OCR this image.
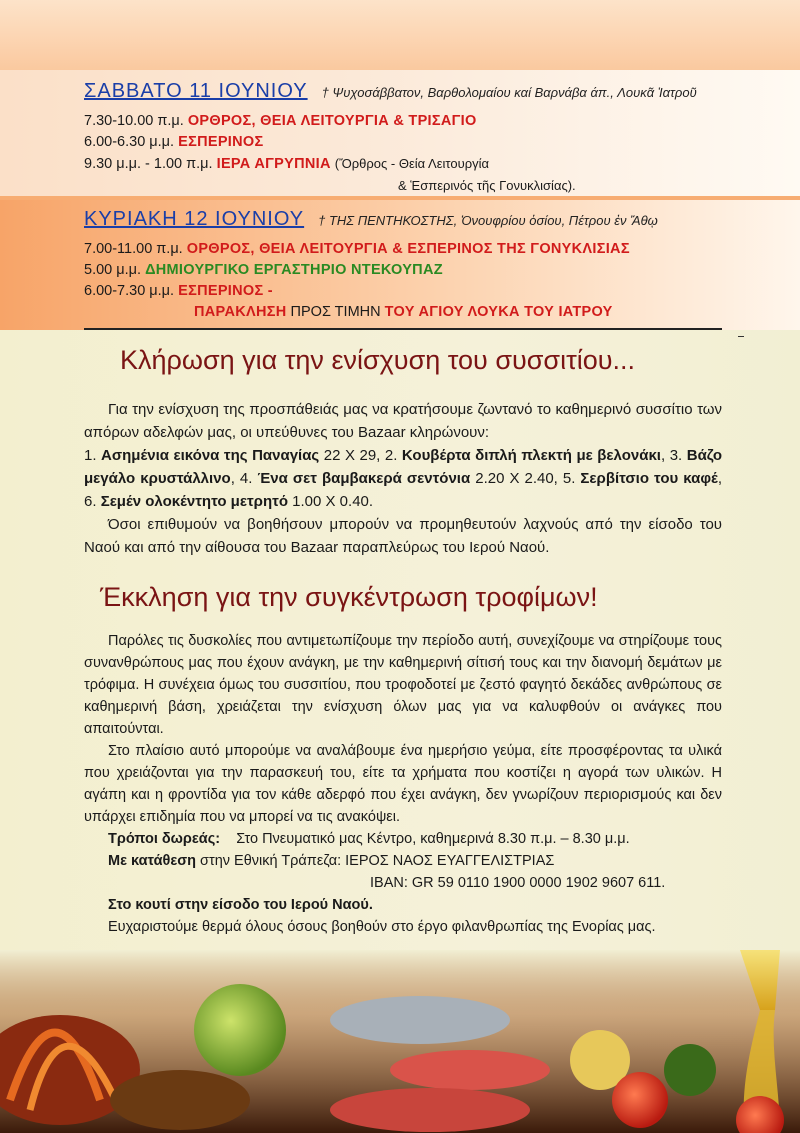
ΣΑΒΒΑΤΟ 11 ΙΟΥΝΙΟΥ † Ψυχοσάββατον, Βαρθολομαίου καί Βαρνάβα άπ., Λουκᾶ Ἰατροῦ
7.30-10.00 π.μ. ΟΡΘΡΟΣ, ΘΕΙΑ ΛΕΙΤΟΥΡΓΙΑ & ΤΡΙΣΑΓΙΟ
6.00-6.30 μ.μ. ΕΣΠΕΡΙΝΟΣ
9.30 μ.μ. - 1.00 π.μ. ΙΕΡΑ ΑΓΡΥΠΝΙΑ (Ὄρθρος - Θεία Λειτουργία
& Ἑσπερινός τῆς Γονυκλισίας).
ΚΥΡΙΑΚΗ 12 ΙΟΥΝΙΟΥ † ΤΗΣ ΠΕΝΤΗΚΟΣΤΗΣ, Ὀνουφρίου ὁσίου, Πέτρου ἐν Ἄθῳ
7.00-11.00 π.μ. ΟΡΘΡΟΣ, ΘΕΙΑ ΛΕΙΤΟΥΡΓΙΑ & ΕΣΠΕΡΙΝΟΣ ΤΗΣ ΓΟΝΥΚΛΙΣΙΑΣ
5.00 μ.μ. ΔΗΜΙΟΥΡΓΙΚΟ ΕΡΓΑΣΤΗΡΙΟ ΝΤΕΚΟΥΠΑΖ
6.00-7.30 μ.μ. ΕΣΠΕΡΙΝΟΣ -
ΠΑΡΑΚΛΗΣΗ ΠΡΟΣ ΤΙΜΗΝ ΤΟΥ ΑΓΙΟΥ ΛΟΥΚΑ ΤΟΥ ΙΑΤΡΟΥ
Κλήρωση για την ενίσχυση του συσσιτίου...

Για την ενίσχυση της προσπάθειάς μας να κρατήσουμε ζωντανό το καθημερινό συσσίτιο των απόρων αδελφών μας, οι υπεύθυνες του Bazaar κληρώνουν:

1. Ασημένια εικόνα της Παναγίας 22 Χ 29, 2. Κουβέρτα διπλή πλεκτή με βελονάκι, 3. Βάζο μεγάλο κρυστάλλινο, 4. Ένα σετ βαμβακερά σεντόνια 2.20 Χ 2.40, 5. Σερβίτσιο του καφέ, 6. Σεμέν ολοκέντητο μετρητό 1.00 Χ 0.40.

Όσοι επιθυμούν να βοηθήσουν μπορούν να προμηθευτούν λαχνούς από την είσοδο του Ναού και από την αίθουσα του Bazaar παραπλεύρως του Ιερού Ναού.

Έκκληση για την συγκέντρωση τροφίμων!

Παρόλες τις δυσκολίες που αντιμετωπίζουμε την περίοδο αυτή, συνεχίζουμε να στηρίζουμε τους συνανθρώπους μας που έχουν ανάγκη, με την καθημερινή σίτισή τους και την διανομή δεμάτων με τρόφιμα. Η συνέχεια όμως του συσσιτίου, που τροφοδοτεί με ζεστό φαγητό δεκάδες ανθρώπους σε καθημερινή βάση, χρειάζεται την ενίσχυση όλων μας για να καλυφθούν οι ανάγκες που απαιτούνται.

Στο πλαίσιο αυτό μπορούμε να αναλάβουμε ένα ημερήσιο γεύμα, είτε προσφέροντας τα υλικά που χρειάζονται για την παρασκευή του, είτε τα χρήματα που κοστίζει η αγορά των υλικών. Η αγάπη και η φροντίδα για τον κάθε αδερφό που έχει ανάγκη, δεν γνωρίζουν περιορισμούς και δεν υπάρχει επιδημία που να μπορεί να τις ανακόψει.

Τρόποι δωρεάς: Στο Πνευματικό μας Κέντρο, καθημερινά 8.30 π.μ. – 8.30 μ.μ.

Με κατάθεση στην Εθνική Τράπεζα: ΙΕΡΟΣ ΝΑΟΣ ΕΥΑΓΓΕΛΙΣΤΡΙΑΣ

IBAN: GR 59 0110 1900 0000 1902 9607 611.

Στο κουτί στην είσοδο του Ιερού Ναού.

Ευχαριστούμε θερμά όλους όσους βοηθούν στο έργο φιλανθρωπίας της Ενορίας μας.
